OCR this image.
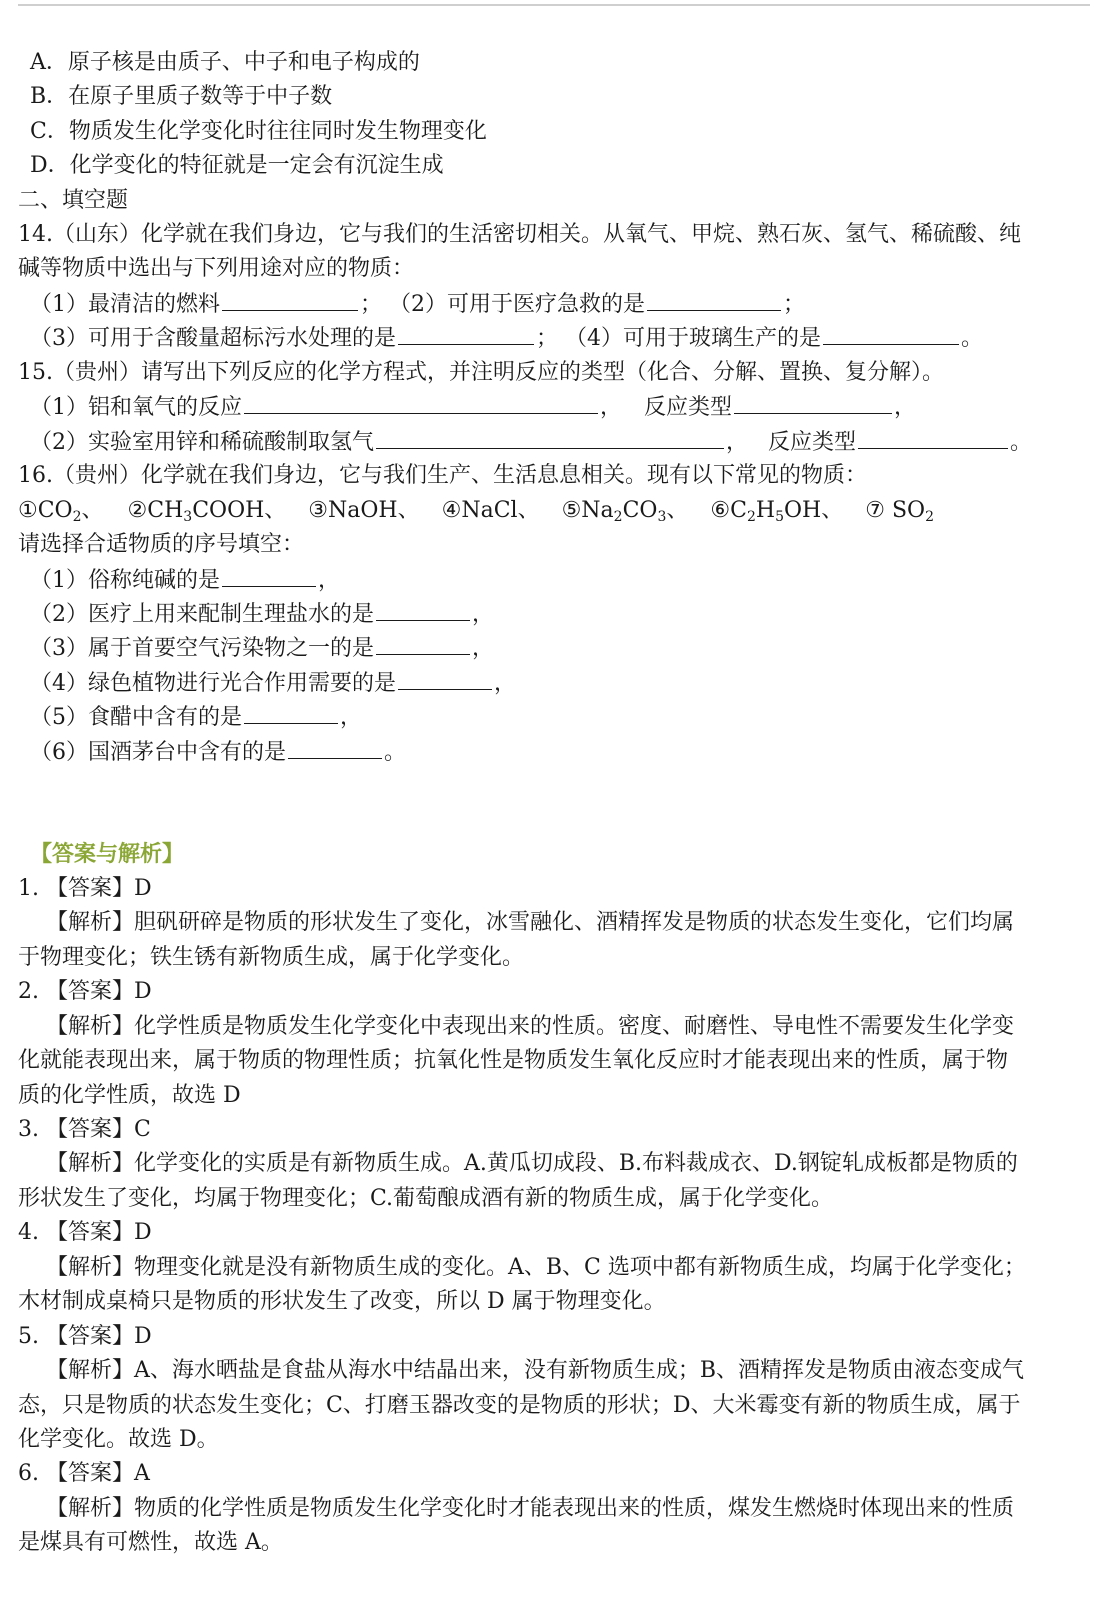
A．原子核是由质子、中子和电子构成的
B．在原子里质子数等于中子数
C．物质发生化学变化时往往同时发生物理变化
D．化学变化的特征就是一定会有沉淀生成
二、填空题
14.（山东）化学就在我们身边，它与我们的生活密切相关。从氧气、甲烷、熟石灰、氢气、稀硫酸、纯
碱等物质中选出与下列用途对应的物质：
（1）最清洁的燃料	； （2）可用于医疗急救的是	；
（3）可用于含酸量超标污水处理的是	； （4）可用于玻璃生产的是	。
15.（贵州）请写出下列反应的化学方程式，并注明反应的类型（化合、分解、置换、复分解）。
（1）铝和氧气的反应	， 反应类型	，
（2）实验室用锌和稀硫酸制取氢气	， 反应类型	。
16.（贵州）化学就在我们身边，它与我们生产、生活息息相关。现有以下常见的物质：
$①CO_2$、 $②CH_3COOH$、 ③NaOH、 ④NaCl、 $⑤Na_2CO_3$、 $⑥C_2H_5OH$、 ⑦ $SO_2$
请选择合适物质的序号填空：
（1）俗称纯碱的是	，
（2）医疗上用来配制生理盐水的是	，
（3）属于首要空气污染物之一的是	，
（4）绿色植物进行光合作用需要的是	，
（5）食醋中含有的是	，
（6）国酒茅台中含有的是	。
【答案与解析】
1. 【答案】D
【解析】胆矾研碎是物质的形状发生了变化，冰雪融化、酒精挥发是物质的状态发生变化，它们均属
于物理变化；铁生锈有新物质生成，属于化学变化。
2. 【答案】D
【解析】化学性质是物质发生化学变化中表现出来的性质。密度、耐磨性、导电性不需要发生化学变
化就能表现出来，属于物质的物理性质；抗氧化性是物质发生氧化反应时才能表现出来的性质，属于物
质的化学性质，故选 D
3. 【答案】C
【解析】化学变化的实质是有新物质生成。A.黄瓜切成段、B.布料裁成衣、D.钢锭轧成板都是物质的
形状发生了变化，均属于物理变化；C.葡萄酿成酒有新的物质生成，属于化学变化。
4. 【答案】D
【解析】物理变化就是没有新物质生成的变化。A、B、C 选项中都有新物质生成，均属于化学变化；
木材制成桌椅只是物质的形状发生了改变，所以 D 属于物理变化。
5. 【答案】D
【解析】A、海水晒盐是食盐从海水中结晶出来，没有新物质生成；B、酒精挥发是物质由液态变成气
态，只是物质的状态发生变化；C、打磨玉器改变的是物质的形状；D、大米霉变有新的物质生成，属于
化学变化。故选 D。
6. 【答案】A
【解析】物质的化学性质是物质发生化学变化时才能表现出来的性质，煤发生燃烧时体现出来的性质
是煤具有可燃性，故选 A。
